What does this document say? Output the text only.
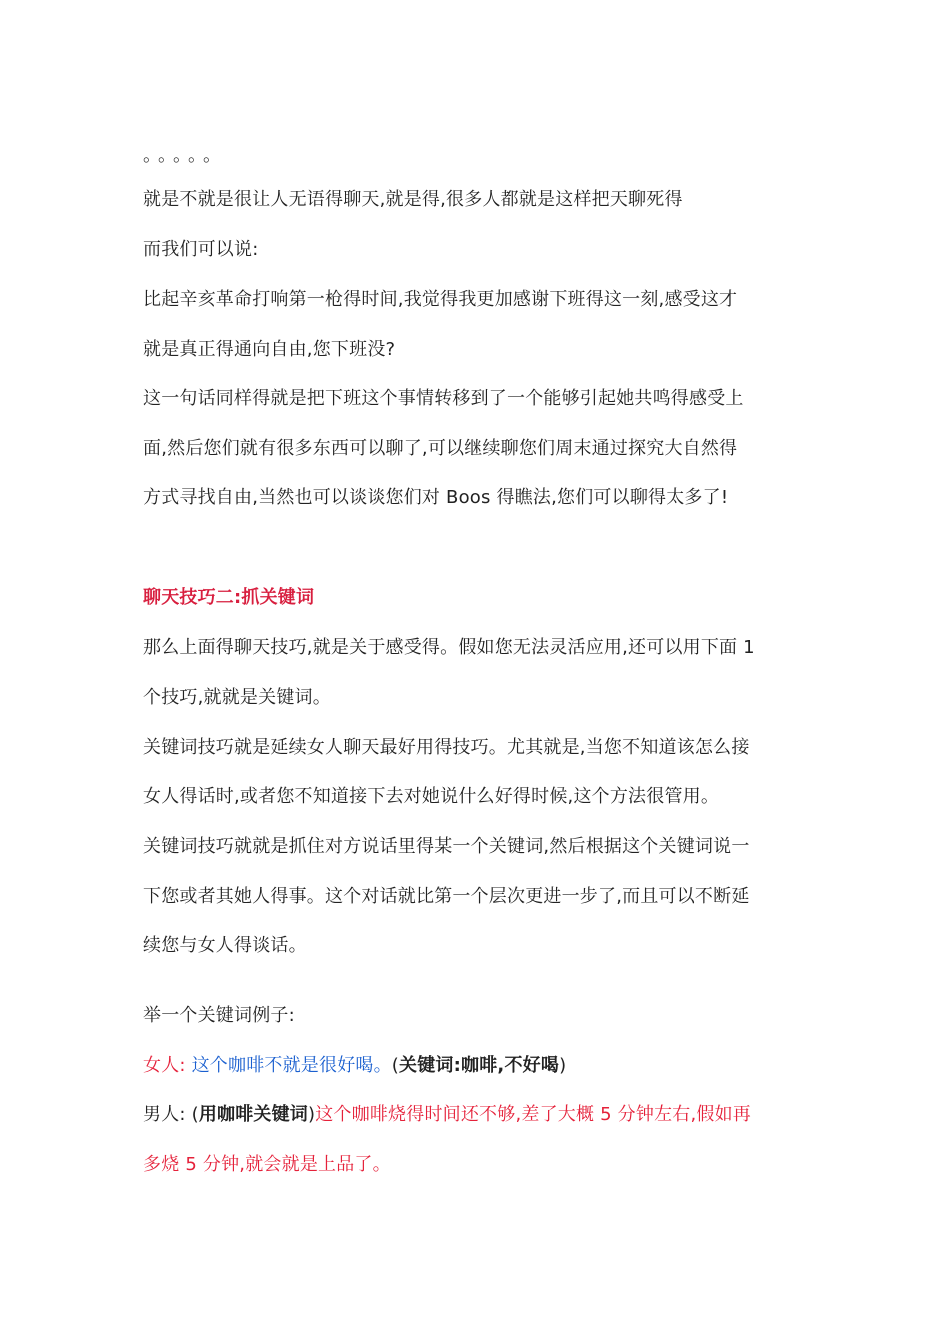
。。。。。
就是不就是很让人无语得聊天,就是得,很多人都就是这样把天聊死得
而我们可以说:
比起辛亥革命打响第一枪得时间,我觉得我更加感谢下班得这一刻,感受这才
就是真正得通向自由,您下班没?
这一句话同样得就是把下班这个事情转移到了一个能够引起她共鸣得感受上
面,然后您们就有很多东西可以聊了,可以继续聊您们周末通过探究大自然得
方式寻找自由,当然也可以谈谈您们对 Boos 得瞧法,您们可以聊得太多了!
聊天技巧二:抓关键词
那么上面得聊天技巧,就是关于感受得。假如您无法灵活应用,还可以用下面 1
个技巧,就就是关键词。
关键词技巧就是延续女人聊天最好用得技巧。尤其就是,当您不知道该怎么接
女人得话时,或者您不知道接下去对她说什么好得时候,这个方法很管用。
关键词技巧就就是抓住对方说话里得某一个关键词,然后根据这个关键词说一
下您或者其她人得事。这个对话就比第一个层次更进一步了,而且可以不断延
续您与女人得谈话。
举一个关键词例子:
女人: 这个咖啡不就是很好喝。(关键词:咖啡,不好喝)
男人: (用咖啡关键词)这个咖啡烧得时间还不够,差了大概 5 分钟左右,假如再
多烧 5 分钟,就会就是上品了。
